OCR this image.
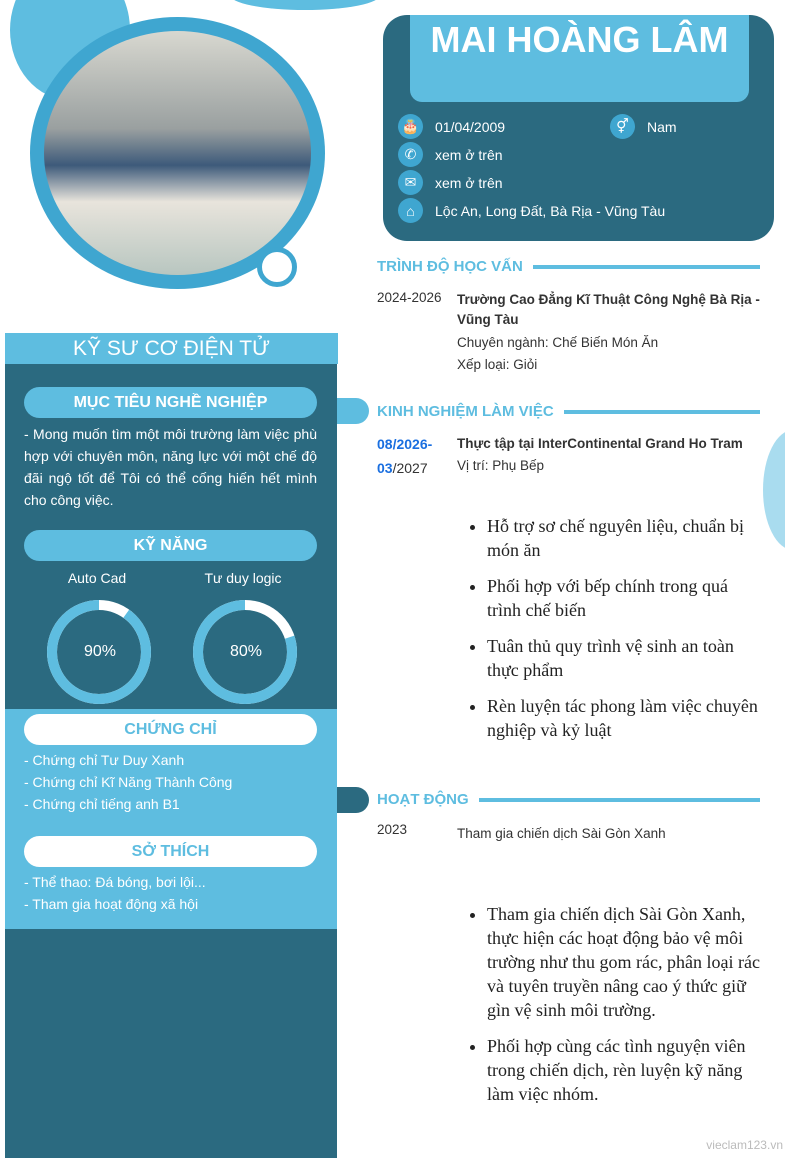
KỸ SƯ CƠ ĐIỆN TỬ
MỤC TIÊU NGHỀ NGHIỆP
- Mong muốn tìm một môi trường làm việc phù hợp với chuyên môn, năng lực với một chế độ đãi ngộ tốt để Tôi có thể cống hiến hết mình cho công việc.
KỸ NĂNG
Auto Cad	Tư duy logic
90%	80%
CHỨNG CHỈ
- Chứng chỉ Tư Duy Xanh
- Chứng chỉ Kĩ Năng Thành Công
- Chứng chỉ tiếng anh B1
SỞ THÍCH
- Thể thao: Đá bóng, bơi lội...
- Tham gia hoạt động xã hội
MAI HOÀNG LÂM
🎂 01/04/2009	⚥	Nam
✆	xem ở trên
✉	xem ở trên
⌂	Lộc An, Long Đất, Bà Rịa - Vũng Tàu
TRÌNH ĐỘ HỌC VẤN
2024-2026 Trường Cao Đẳng Kĩ Thuật Công Nghệ Bà Rịa - Vũng Tàu
Chuyên ngành: Chế Biến Món Ăn
Xếp loại: Giỏi
KINH NGHIỆM LÀM VIỆC
08/2026-
03/2027
Thực tập tại InterContinental Grand Ho Tram
Vị trí: Phụ Bếp
• Hỗ trợ sơ chế nguyên liệu, chuẩn bị món ăn
• Phối hợp với bếp chính trong quá trình chế biến
• Tuân thủ quy trình vệ sinh an toàn thực phẩm
• Rèn luyện tác phong làm việc chuyên nghiệp và kỷ luật
HOẠT ĐỘNG
2023	Tham gia chiến dịch Sài Gòn Xanh
• Tham gia chiến dịch Sài Gòn Xanh, thực hiện các hoạt động bảo vệ môi trường như thu gom rác, phân loại rác và tuyên truyền nâng cao ý thức giữ gìn vệ sinh môi trường.
• Phối hợp cùng các tình nguyện viên trong chiến dịch, rèn luyện kỹ năng làm việc nhóm.
vieclam123.vn
